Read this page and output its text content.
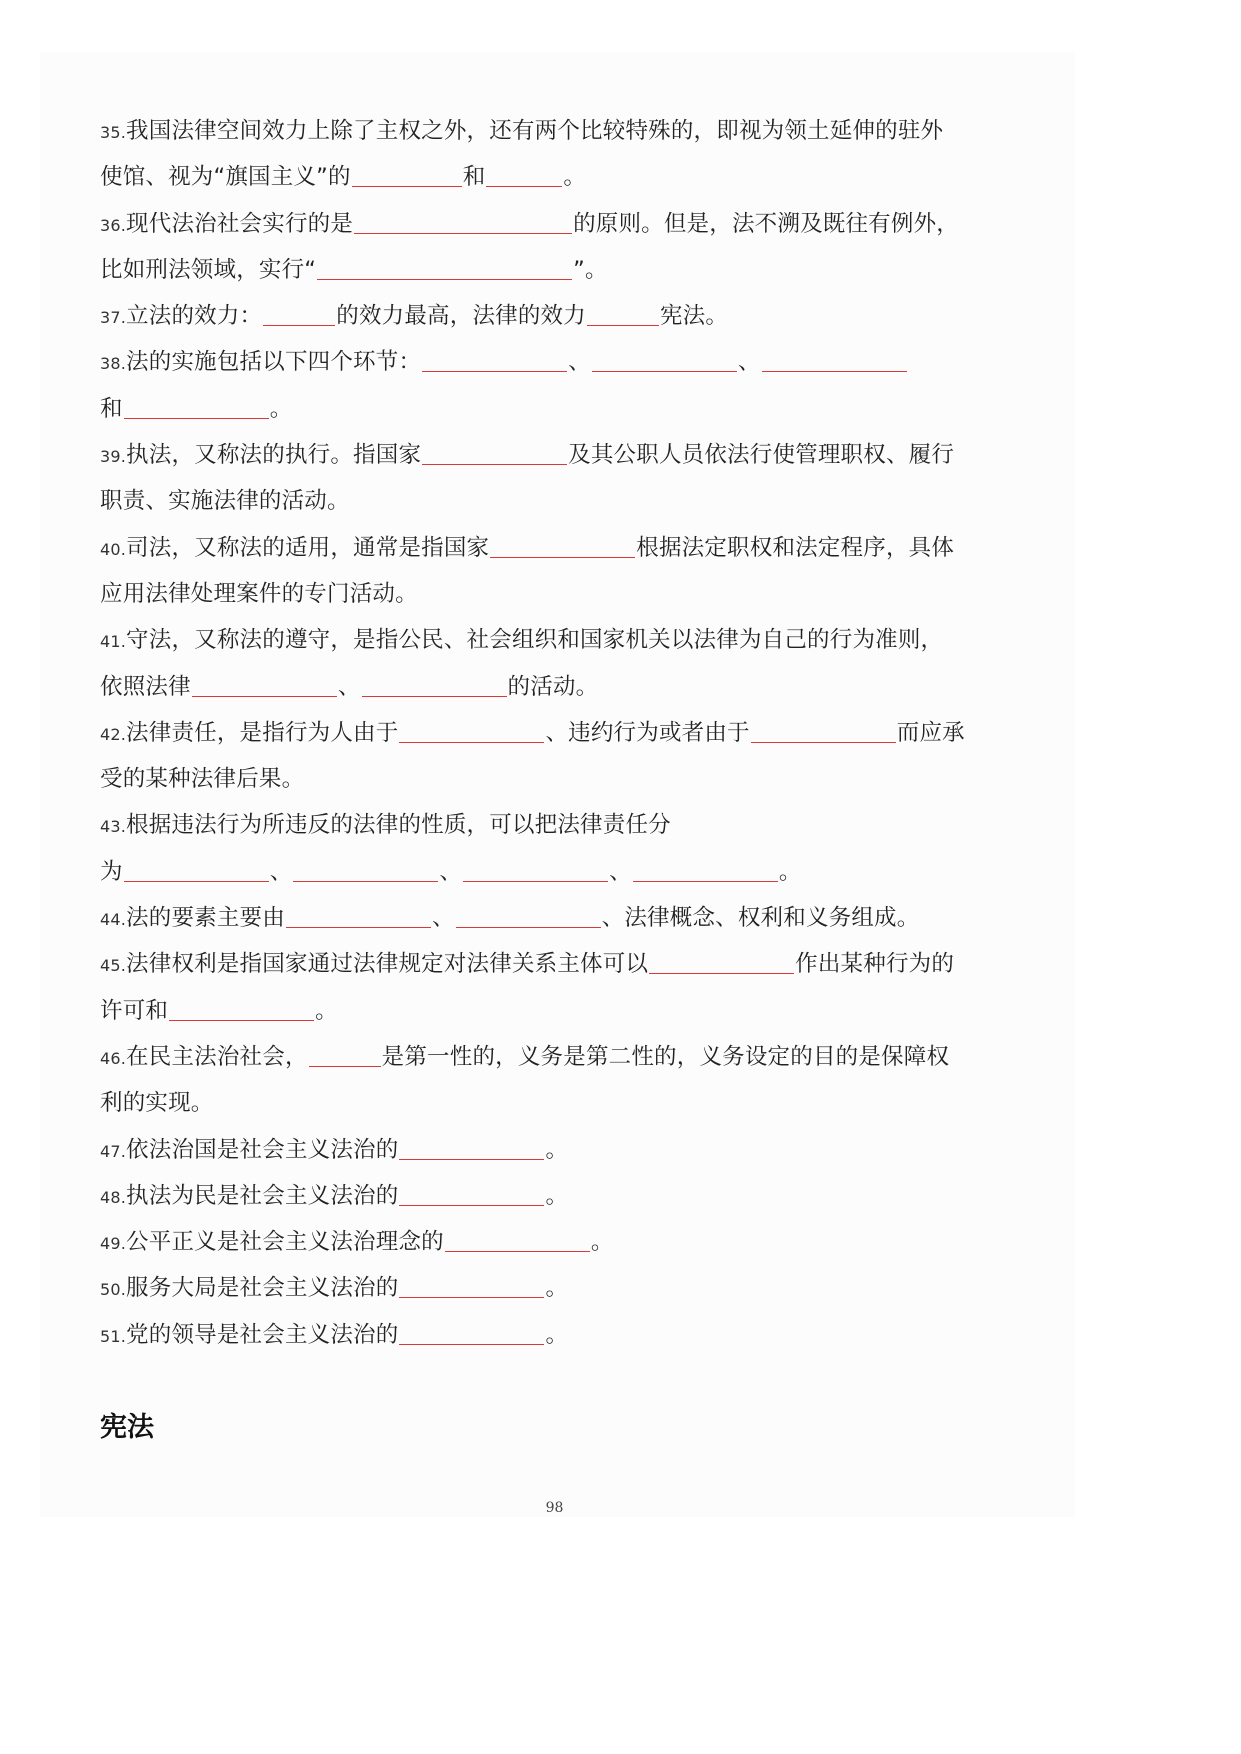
35.我国法律空间效力上除了主权之外，还有两个比较特殊的，即视为领土延伸的驻外
使馆、视为“旗国主义”的	和	。
36.现代法治社会实行的是	的原则。但是，法不溯及既往有例外，
比如刑法领域，实行“	”。
37.立法的效力：	的效力最高，法律的效力	宪法。
38.法的实施包括以下四个环节：	、	、
和	。
39.执法，又称法的执行。指国家	及其公职人员依法行使管理职权、履行
职责、实施法律的活动。
40.司法，又称法的适用，通常是指国家	根据法定职权和法定程序，具体
应用法律处理案件的专门活动。
41.守法，又称法的遵守，是指公民、社会组织和国家机关以法律为自己的行为准则，
依照法律	、	的活动。
42.法律责任，是指行为人由于	、违约行为或者由于	而应承
受的某种法律后果。
43.根据违法行为所违反的法律的性质，可以把法律责任分
为	、	、	、	。
44.法的要素主要由	、	、法律概念、权利和义务组成。
45.法律权利是指国家通过法律规定对法律关系主体可以	作出某种行为的
许可和	。
46.在民主法治社会，	是第一性的，义务是第二性的，义务设定的目的是保障权
利的实现。
47.依法治国是社会主义法治的	。
48.执法为民是社会主义法治的	。
49.公平正义是社会主义法治理念的	。
50.服务大局是社会主义法治的	。
51.党的领导是社会主义法治的	。
宪法
98
